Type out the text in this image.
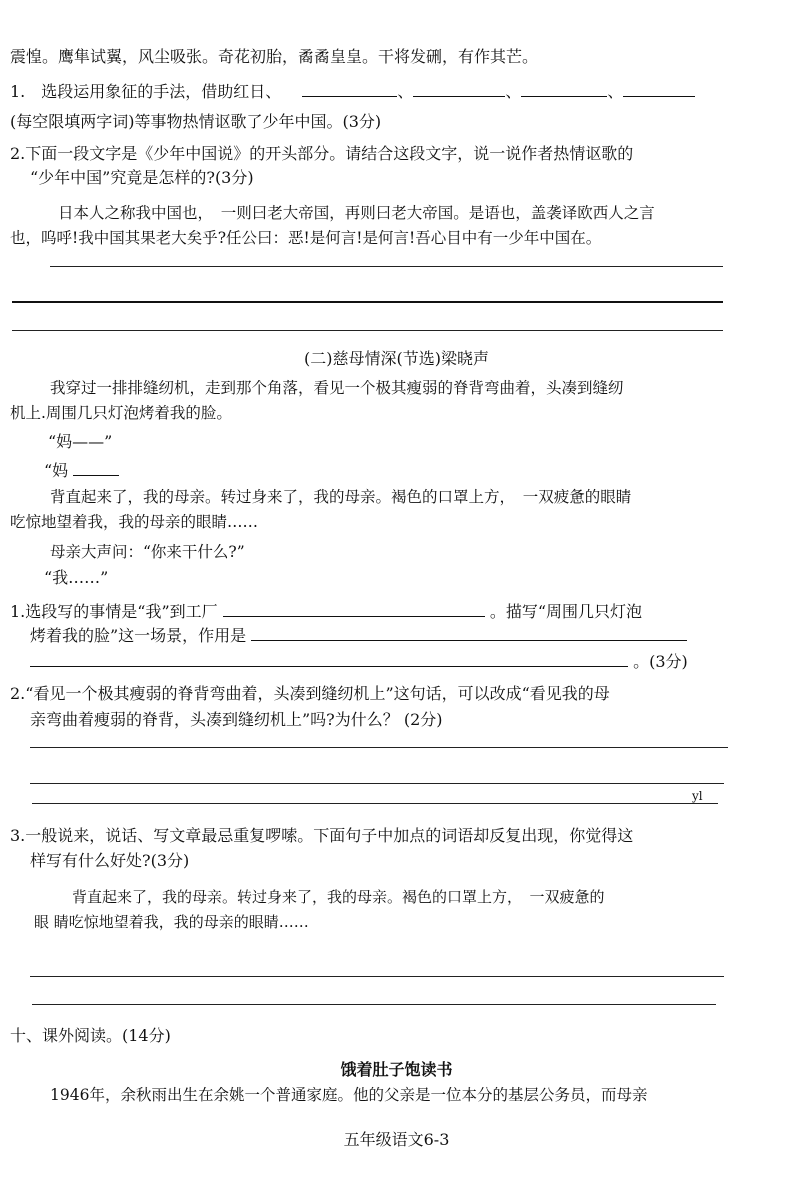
震惶。鹰隼试翼，风尘吸张。奇花初胎，矞矞皇皇。干将发硎，有作其芒。
1.　选段运用象征的手法，借助红日、	、	、	、
(每空限填两字词)等事物热情讴歌了少年中国。(3分)
2.下面一段文字是《少年中国说》的开头部分。请结合这段文字，说一说作者热情讴歌的
“少年中国”究竟是怎样的?(3分)
日本人之称我中国也，　一则曰老大帝国，再则曰老大帝国。是语也，盖袭译欧西人之言
也，呜呼!我中国其果老大矣乎?任公曰：恶!是何言!是何言!吾心目中有一少年中国在。
(二)慈母情深(节选)梁晓声
我穿过一排排缝纫机，走到那个角落，看见一个极其瘦弱的脊背弯曲着，头凑到缝纫
机上.周围几只灯泡烤着我的脸。
“妈——”
“妈
背直起来了，我的母亲。转过身来了，我的母亲。褐色的口罩上方，　一双疲惫的眼睛
吃惊地望着我，我的母亲的眼睛……
母亲大声问：“你来干什么?”
“我……”
1.选段写的事情是“我”到工厂	。描写“周围几只灯泡
烤着我的脸”这一场景，作用是
。(3分)
2.“看见一个极其瘦弱的脊背弯曲着，头凑到缝纫机上”这句话，可以改成“看见我的母
亲弯曲着瘦弱的脊背，头凑到缝纫机上”吗?为什么？ (2分)
yl
3.一般说来，说话、写文章最忌重复啰嗦。下面句子中加点的词语却反复出现，你觉得这
样写有什么好处?(3分)
背直起来了，我的母亲。转过身来了，我的母亲。褐色的口罩上方，　一双疲惫的
眼 睛吃惊地望着我，我的母亲的眼睛……
十、课外阅读。(14分)
饿着肚子饱读书
1946年，余秋雨出生在余姚一个普通家庭。他的父亲是一位本分的基层公务员，而母亲
五年级语文6-3
